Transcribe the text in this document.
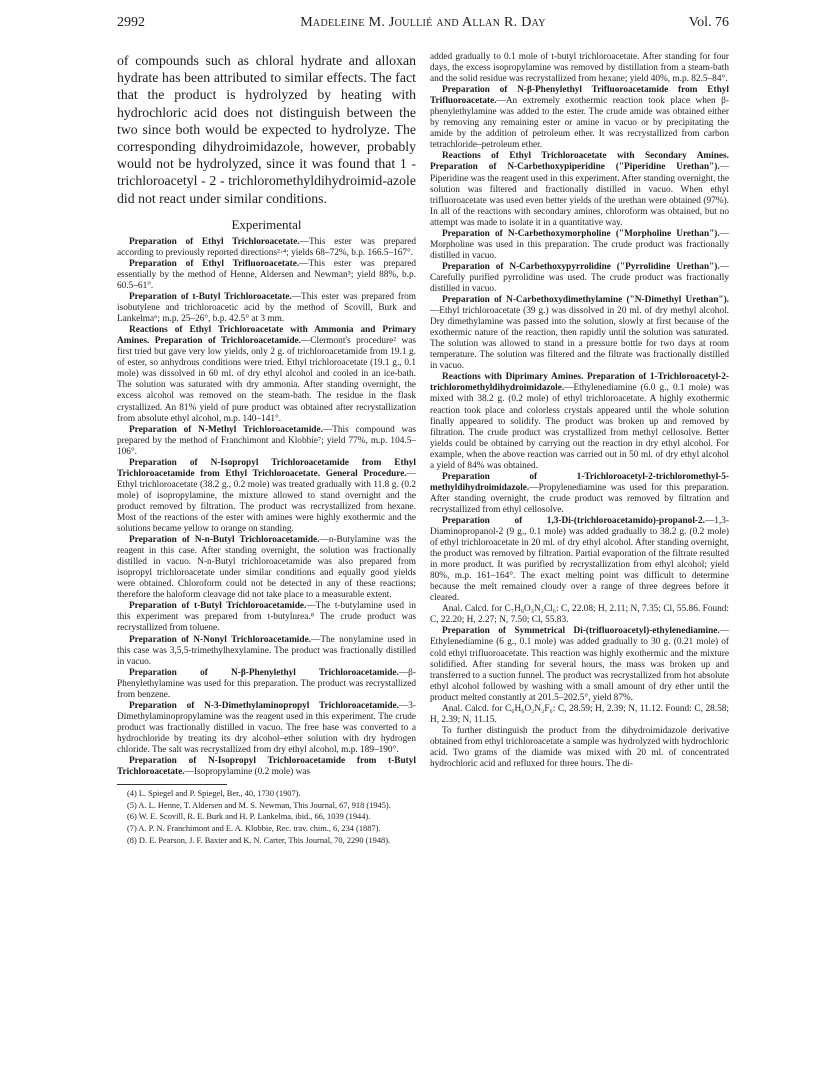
2992	Madeleine M. Joullié and Allan R. Day	Vol. 76

of compounds such as chloral hydrate and alloxan hydrate has been attributed to similar effects. The fact that the product is hydrolyzed by heating with hydrochloric acid does not distinguish between the two since both would be expected to hydrolyze. The corresponding dihydroimidazole, however, probably would not be hydrolyzed, since it was found that 1 - trichloroacetyl - 2 - trichloromethyldihydroimid-azole did not react under similar conditions.

Experimental

Preparation of Ethyl Trichloroacetate.—This ester was prepared according to previously reported directions²·⁴; yields 68–72%, b.p. 166.5–167°.

Preparation of Ethyl Trifluoroacetate.—This ester was prepared essentially by the method of Henne, Aldersen and Newman⁵; yield 88%, b.p. 60.5–61°.

Preparation of t-Butyl Trichloroacetate.—This ester was prepared from isobutylene and trichloroacetic acid by the method of Scovill, Burk and Lankelma⁶; m.p. 25–26°, b.p. 42.5° at 3 mm.

Reactions of Ethyl Trichloroacetate with Ammonia and Primary Amines. Preparation of Trichloroacetamide.—Clermont's procedure² was first tried but gave very low yields, only 2 g. of trichloroacetamide from 19.1 g. of ester, so anhydrous conditions were tried. Ethyl trichloroacetate (19.1 g., 0.1 mole) was dissolved in 60 ml. of dry ethyl alcohol and cooled in an ice-bath. The solution was saturated with dry ammonia. After standing overnight, the excess alcohol was removed on the steam-bath. The residue in the flask crystallized. An 81% yield of pure product was obtained after recrystallization from absolute ethyl alcohol, m.p. 140–141°.

Preparation of N-Methyl Trichloroacetamide.—This compound was prepared by the method of Franchimont and Klobbie⁷; yield 77%, m.p. 104.5–106°.

Preparation of N-Isopropyl Trichloroacetamide from Ethyl Trichloroacetamide from Ethyl Trichloroacetate. General Procedure.—Ethyl trichloroacetate (38.2 g., 0.2 mole) was treated gradually with 11.8 g. (0.2 mole) of isopropylamine, the mixture allowed to stand overnight and the product removed by filtration. The product was recrystallized from hexane. Most of the reactions of the ester with amines were highly exothermic and the solutions became yellow to orange on standing.

Preparation of N-n-Butyl Trichloroacetamide.—n-Butylamine was the reagent in this case. After standing overnight, the solution was fractionally distilled in vacuo. N-n-Butyl trichloroacetamide was also prepared from isopropyl trichloroacetate under similar conditions and equally good yields were obtained. Chloroform could not be detected in any of these reactions; therefore the haloform cleavage did not take place to a measurable extent.

Preparation of t-Butyl Trichloroacetamide.—The t-butylamine used in this experiment was prepared from t-butylurea.⁸ The crude product was recrystallized from toluene.

Preparation of N-Nonyl Trichloroacetamide.—The nonylamine used in this case was 3,5,5-trimethylhexylamine. The product was fractionally distilled in vacuo.

Preparation of N-β-Phenylethyl Trichloroacetamide.—β-Phenylethylamine was used for this preparation. The product was recrystallized from benzene.

Preparation of N-3-Dimethylaminopropyl Trichloroacetamide.—3-Dimethylaminopropylamine was the reagent used in this experiment. The crude product was fractionally distilled in vacuo. The free base was converted to a hydrochloride by treating its dry alcohol–ether solution with dry hydrogen chloride. The salt was recrystallized from dry ethyl alcohol, m.p. 189–190°.

Preparation of N-Isopropyl Trichloroacetamide from t-Butyl Trichloroacetate.—Isopropylamine (0.2 mole) was

(4) L. Spiegel and P. Spiegel, Ber., 40, 1730 (1907).

(5) A. L. Henne, T. Aldersen and M. S. Newman, This Journal, 67, 918 (1945).

(6) W. E. Scovill, R. E. Burk and H. P. Lankelma, ibid., 66, 1039 (1944).

(7) A. P. N. Franchimont and E. A. Klobbie, Rec. trav. chim., 6, 234 (1887).

(8) D. E. Pearson, J. F. Baxter and K. N. Carter, This Journal, 70, 2290 (1948).

added gradually to 0.1 mole of t-butyl trichloroacetate. After standing for four days, the excess isopropylamine was removed by distillation from a steam-bath and the solid residue was recrystallized from hexane; yield 40%, m.p. 82.5–84°.

Preparation of N-β-Phenylethyl Trifluoroacetamide from Ethyl Trifluoroacetate.—An extremely exothermic reaction took place when β-phenylethylamine was added to the ester. The crude amide was obtained either by removing any remaining ester or amine in vacuo or by precipitating the amide by the addition of petroleum ether. It was recrystallized from carbon tetrachloride–petroleum ether.

Reactions of Ethyl Trichloroacetate with Secondary Amines. Preparation of N-Carbethoxypiperidine ("Piperidine Urethan").—Piperidine was the reagent used in this experiment. After standing overnight, the solution was filtered and fractionally distilled in vacuo. When ethyl trifluoroacetate was used even better yields of the urethan were obtained (97%). In all of the reactions with secondary amines, chloroform was obtained, but no attempt was made to isolate it in a quantitative way.

Preparation of N-Carbethoxymorpholine ("Morpholine Urethan").—Morpholine was used in this preparation. The crude product was fractionally distilled in vacuo.

Preparation of N-Carbethoxypyrrolidine ("Pyrrolidine Urethan").—Carefully purified pyrrolidine was used. The crude product was fractionally distilled in vacuo.

Preparation of N-Carbethoxydimethylamine ("N-Dimethyl Urethan").—Ethyl trichloroacetate (39 g.) was dissolved in 20 ml. of dry methyl alcohol. Dry dimethylamine was passed into the solution, slowly at first because of the exothermic nature of the reaction, then rapidly until the solution was saturated. The solution was allowed to stand in a pressure bottle for two days at room temperature. The solution was filtered and the filtrate was fractionally distilled in vacuo.

Reactions with Diprimary Amines. Preparation of 1-Trichloroacetyl-2-trichloromethyldihydroimidazole.—Ethylenediamine (6.0 g., 0.1 mole) was mixed with 38.2 g. (0.2 mole) of ethyl trichloroacetate. A highly exothermic reaction took place and colorless crystals appeared until the whole solution finally appeared to solidify. The product was broken up and removed by filtration. The crude product was crystallized from methyl cellosolve. Better yields could be obtained by carrying out the reaction in dry ethyl alcohol. For example, when the above reaction was carried out in 50 ml. of dry ethyl alcohol a yield of 84% was obtained.

Preparation of 1-Trichloroacetyl-2-trichloromethyl-5-methyldihydroimidazole.—Propylenediamine was used for this preparation. After standing overnight, the crude product was removed by filtration and recrystallized from ethyl cellosolve.

Preparation of 1,3-Di-(trichloroacetamido)-propanol-2.—1,3-Diaminopropanol-2 (9 g., 0.1 mole) was added gradually to 38.2 g. (0.2 mole) of ethyl trichloroacetate in 20 ml. of dry ethyl alcohol. After standing overnight, the product was removed by filtration. Partial evaporation of the filtrate resulted in more product. It was purified by recrystallization from ethyl alcohol; yield 80%, m.p. 161–164°. The exact melting point was difficult to determine because the melt remained cloudy over a range of three degrees before it cleared.

Anal. Calcd. for C₇H₈O₃N₂Cl₆: C, 22.08; H, 2.11; N, 7.35; Cl, 55.86. Found: C, 22.20; H, 2.27; N, 7.50; Cl, 55.83.

Preparation of Symmetrical Di-(trifluoroacetyl)-ethylenediamine.—Ethylenediamine (6 g., 0.1 mole) was added gradually to 30 g. (0.21 mole) of cold ethyl trifluoroacetate. This reaction was highly exothermic and the mixture solidified. After standing for several hours, the mass was broken up and transferred to a suction funnel. The product was recrystallized from hot absolute ethyl alcohol followed by washing with a small amount of dry ether until the product melted constantly at 201.5–202.5°, yield 87%.

Anal. Calcd. for C₆H₆O₂N₂F₆: C, 28.59; H, 2.39; N, 11.12. Found: C, 28.58; H, 2.39; N, 11.15.

To further distinguish the product from the dihydroimidazole derivative obtained from ethyl trichloroacetate a sample was hydrolyzed with hydrochloric acid. Two grams of the diamide was mixed with 20 ml. of concentrated hydrochloric acid and refluxed for three hours. The di-
